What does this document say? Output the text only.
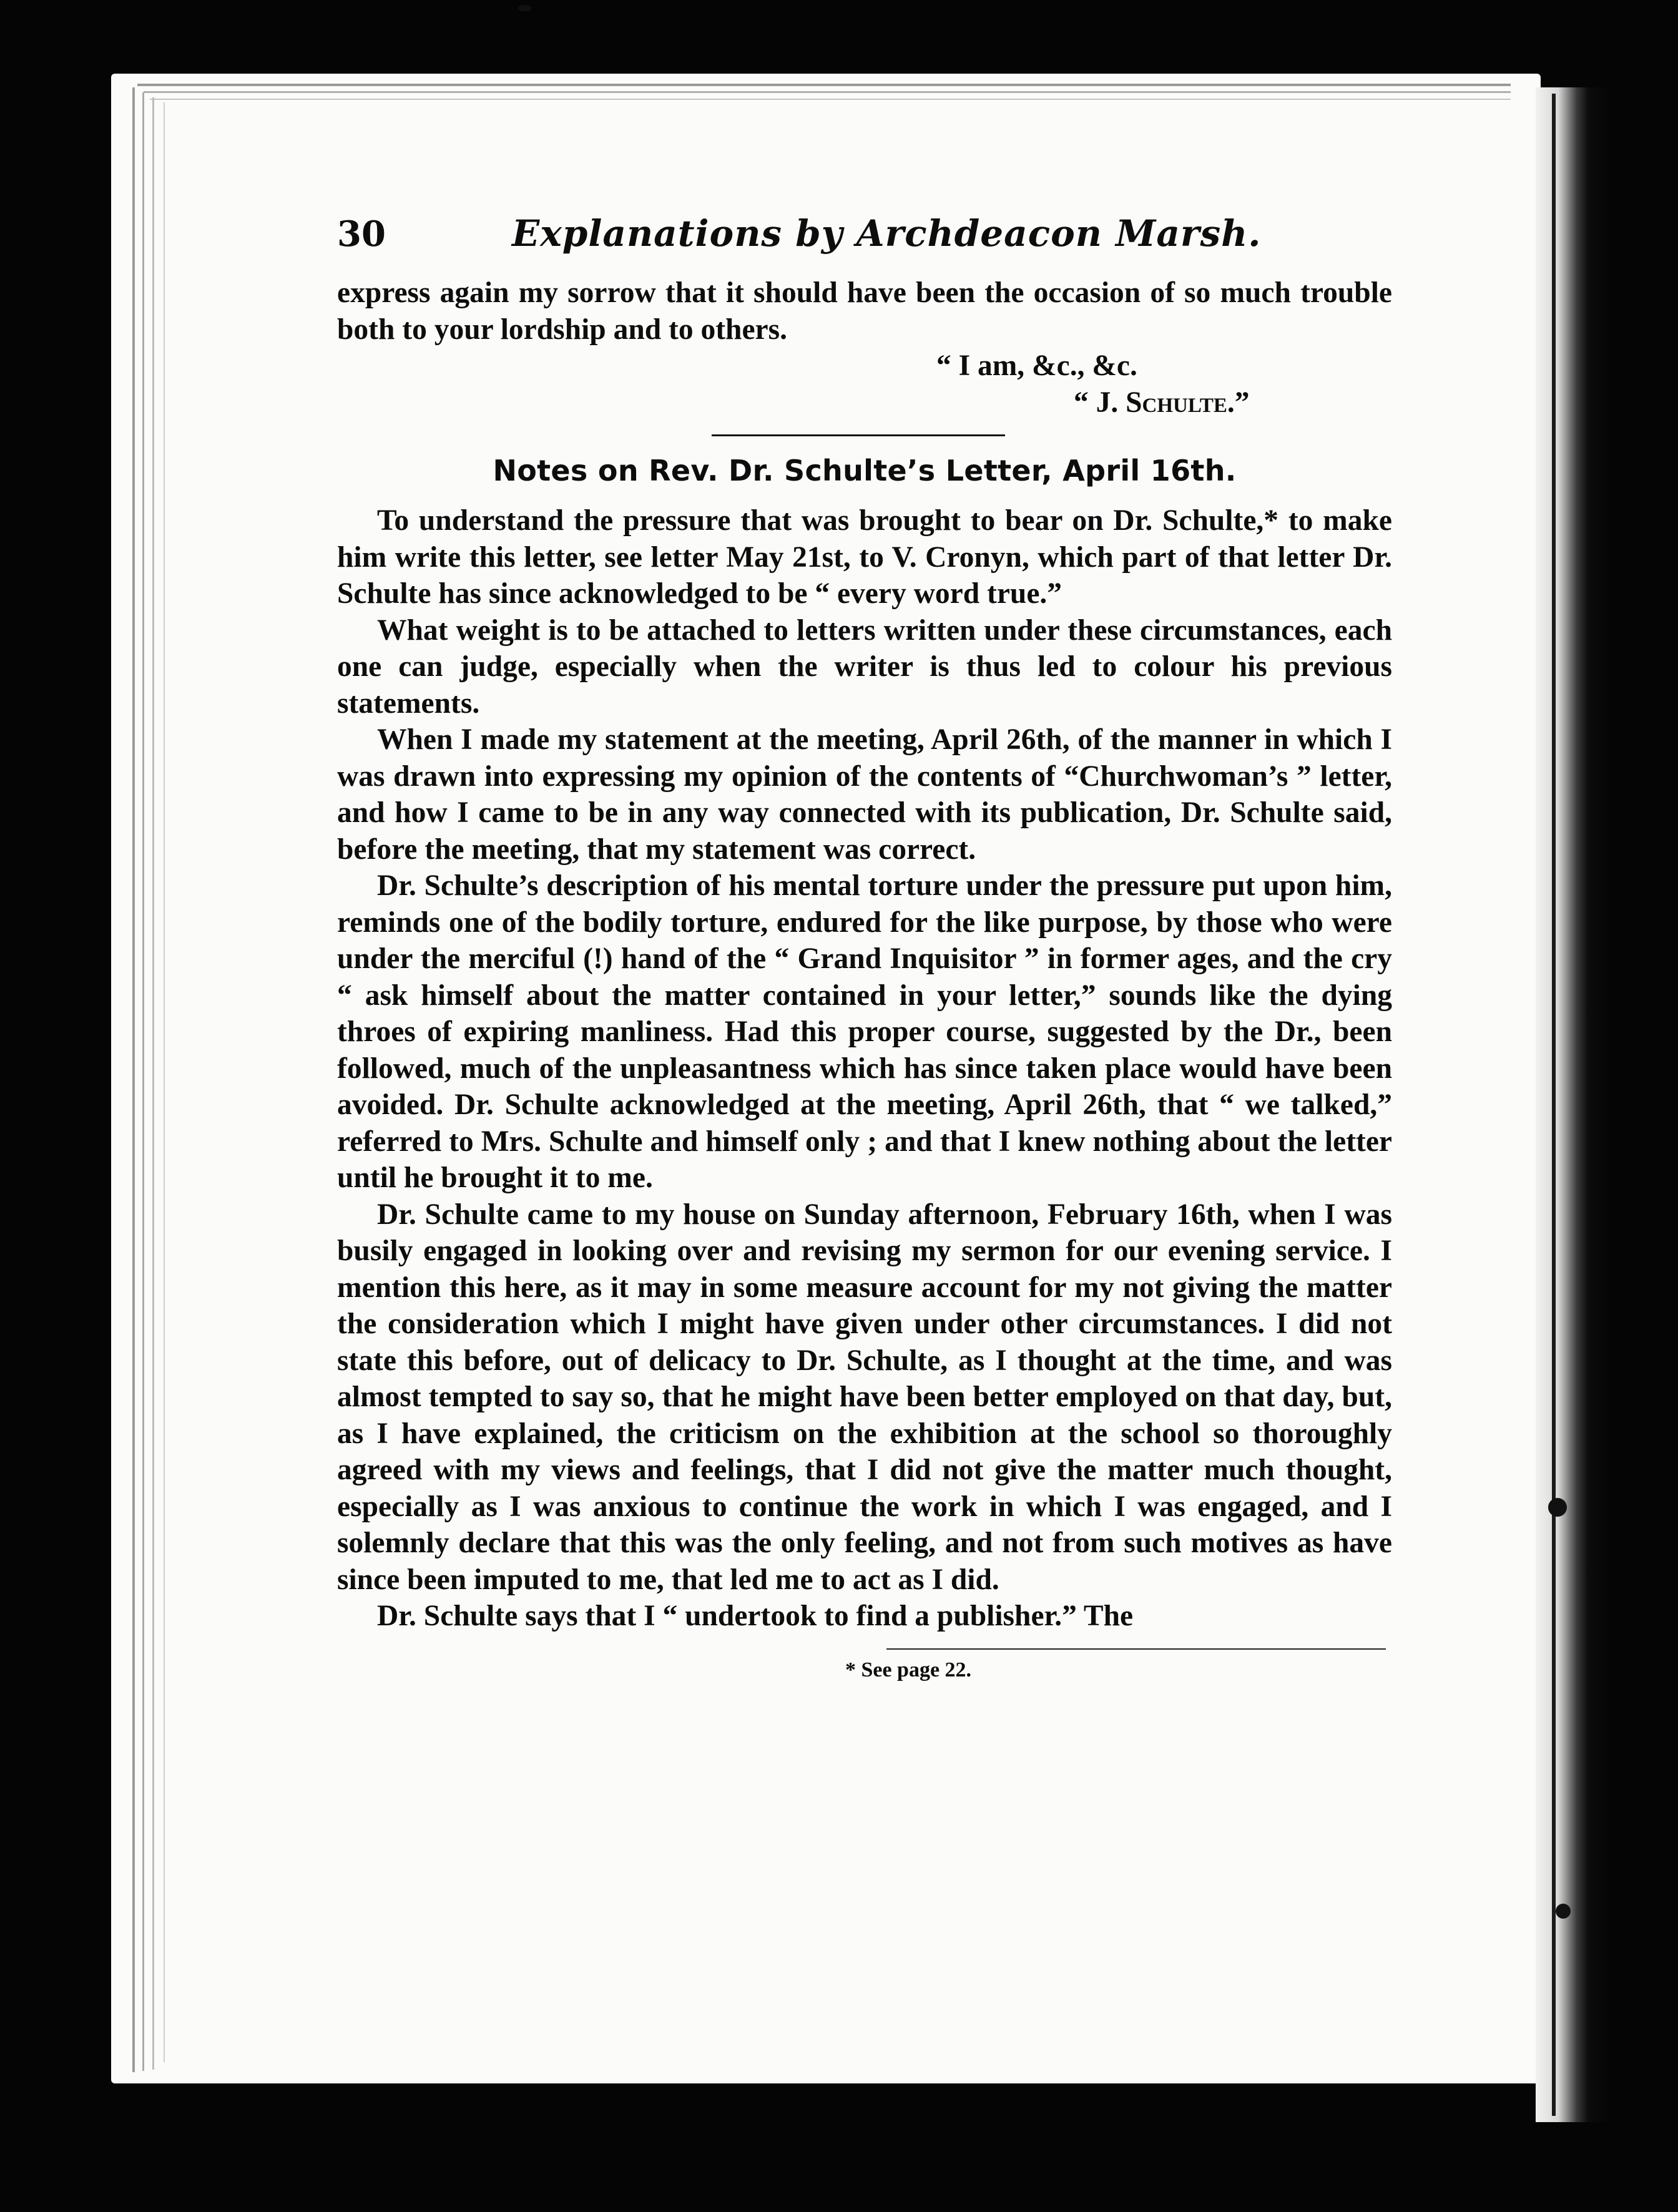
30	Explanations by Archdeacon Marsh.

express again my sorrow that it should have been the occasion of so much trouble both to your lordship and to others.

“ I am, &c., &c.
“ J. Schulte.”
Notes on Rev. Dr. Schulte’s Letter, April 16th.

To understand the pressure that was brought to bear on Dr. Schulte,* to make him write this letter, see letter May 21st, to V. Cronyn, which part of that letter Dr. Schulte has since acknowledged to be “ every word true.”

What weight is to be attached to letters written under these circumstances, each one can judge, especially when the writer is thus led to colour his previous statements.

When I made my statement at the meeting, April 26th, of the manner in which I was drawn into expressing my opinion of the contents of “Churchwoman’s ” letter, and how I came to be in any way connected with its publication, Dr. Schulte said, before the meeting, that my statement was correct.

Dr. Schulte’s description of his mental torture under the pressure put upon him, reminds one of the bodily torture, endured for the like purpose, by those who were under the merciful (!) hand of the “ Grand Inquisitor ” in former ages, and the cry “ ask himself about the matter contained in your letter,” sounds like the dying throes of expiring manliness. Had this proper course, suggested by the Dr., been followed, much of the unpleasantness which has since taken place would have been avoided. Dr. Schulte acknowledged at the meeting, April 26th, that “ we talked,” referred to Mrs. Schulte and himself only ; and that I knew nothing about the letter until he brought it to me.

Dr. Schulte came to my house on Sunday afternoon, February 16th, when I was busily engaged in looking over and revising my sermon for our evening service. I mention this here, as it may in some measure account for my not giving the matter the consideration which I might have given under other circumstances. I did not state this before, out of delicacy to Dr. Schulte, as I thought at the time, and was almost tempted to say so, that he might have been better employed on that day, but, as I have explained, the criticism on the exhibition at the school so thoroughly agreed with my views and feelings, that I did not give the matter much thought, especially as I was anxious to continue the work in which I was engaged, and I solemnly declare that this was the only feeling, and not from such motives as have since been imputed to me, that led me to act as I did.

Dr. Schulte says that I “ undertook to find a publisher.” The

* See page 22.
